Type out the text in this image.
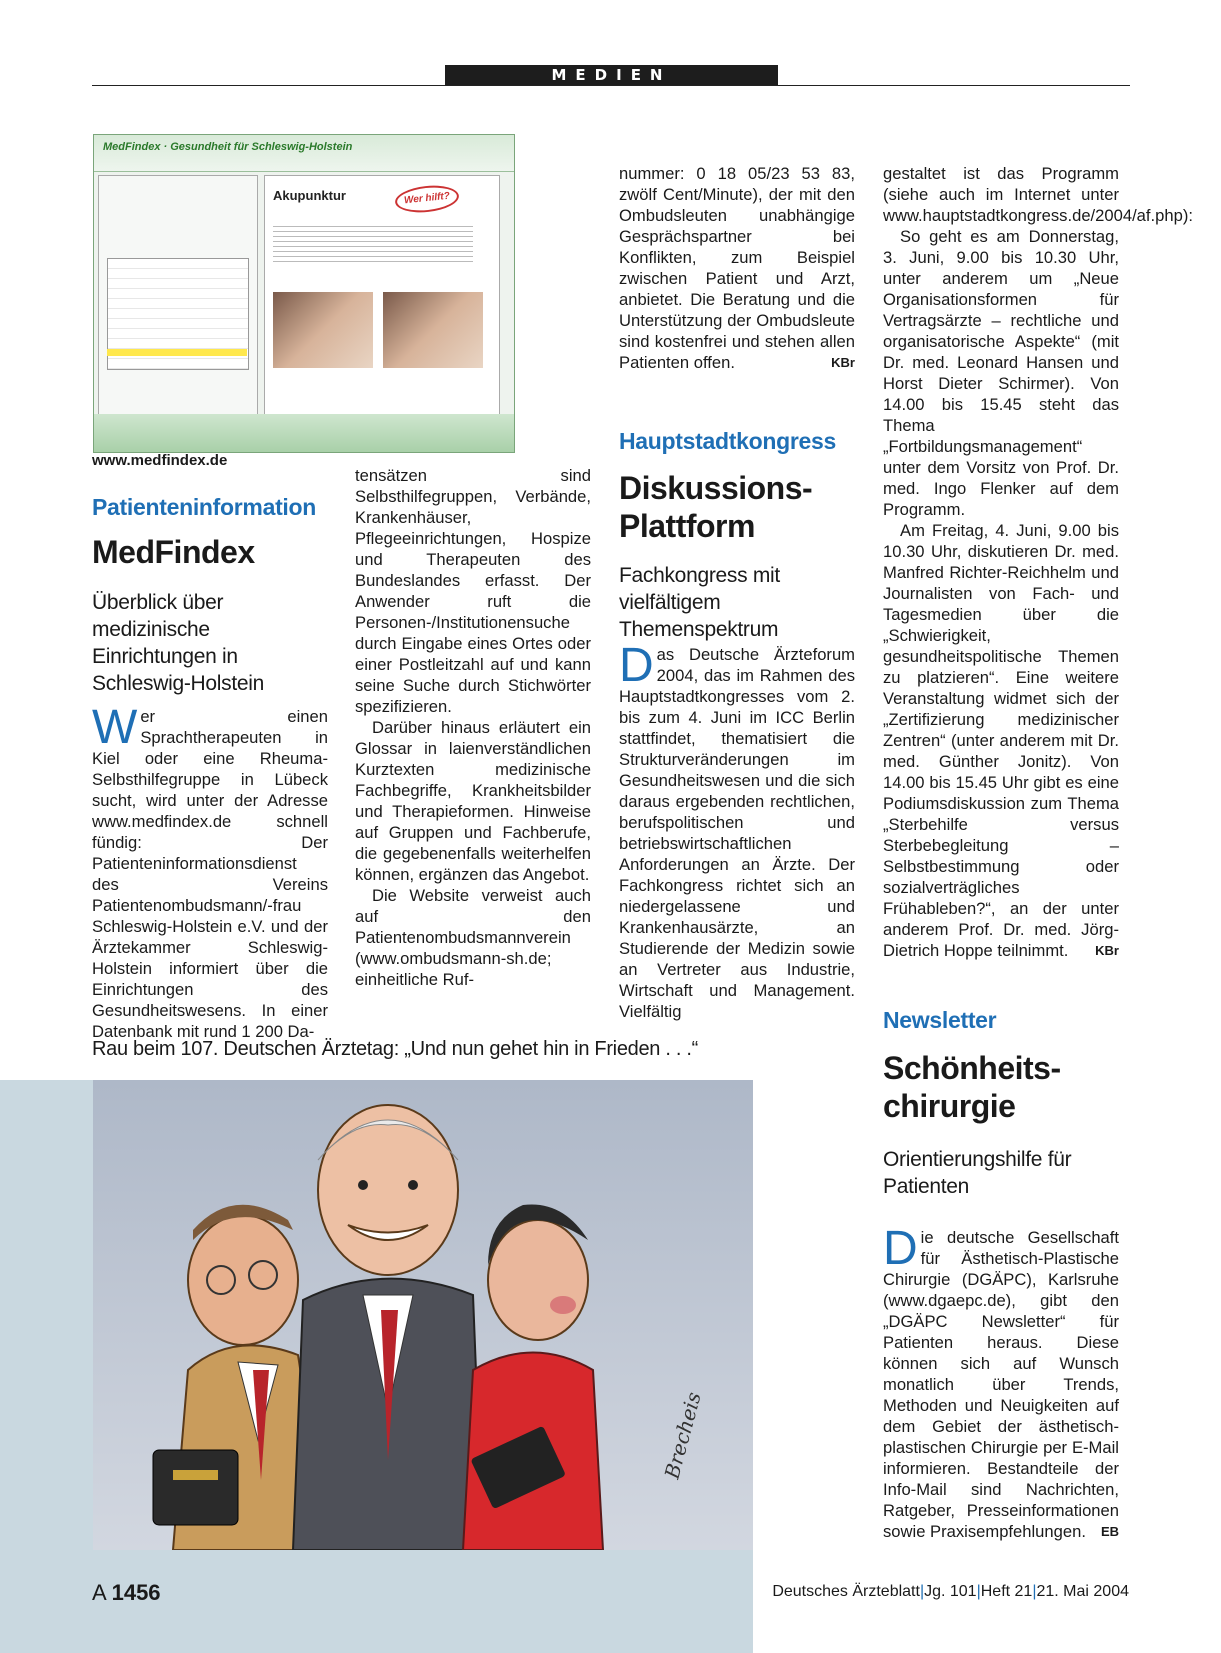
MEDIEN
MedFindex · Gesundheit für Schleswig-Holstein
Akupunktur	Wer hilft?
www.medfindex.de
Patienteninformation
MedFindex
Überblick über medizinische Einrichtungen in Schleswig-Holstein

Wer einen Sprachtherapeuten in Kiel oder eine Rheuma-Selbsthilfegruppe in Lübeck sucht, wird unter der Adresse www.medfindex.de schnell fündig: Der Patienteninformationsdienst des Vereins Patientenombudsmann/-frau Schleswig-Holstein e.V. und der Ärztekammer Schleswig-Holstein informiert über die Einrichtungen des Gesundheitswesens. In einer Datenbank mit rund 1 200 Da-

tensätzen sind Selbsthilfegruppen, Verbände, Krankenhäuser, Pflegeeinrichtungen, Hospize und Therapeuten des Bundeslandes erfasst. Der Anwender ruft die Personen-/Institutionensuche durch Eingabe eines Ortes oder einer Postleitzahl auf und kann seine Suche durch Stichwörter spezifizieren.

Darüber hinaus erläutert ein Glossar in laienverständlichen Kurztexten medizinische Fachbegriffe, Krankheitsbilder und Therapieformen. Hinweise auf Gruppen und Fachberufe, die gegebenenfalls weiterhelfen können, ergänzen das Angebot.

Die Website verweist auch auf den Patientenombudsmannverein (www.ombudsmann-sh.de; einheitliche Ruf-

nummer: 0 18 05/23 53 83, zwölf Cent/Minute), der mit den Ombudsleuten unabhängige Gesprächspartner bei Konflikten, zum Beispiel zwischen Patient und Arzt, anbietet. Die Beratung und die Unterstützung der Ombudsleute sind kostenfrei und stehen allen Patienten offen.	KBr

Hauptstadtkongress
Diskussions-
Plattform
Fachkongress mit vielfältigem Themenspektrum

Das Deutsche Ärzteforum 2004, das im Rahmen des Hauptstadtkongresses vom 2. bis zum 4. Juni im ICC Berlin stattfindet, thematisiert die Strukturveränderungen im Gesundheitswesen und die sich daraus ergebenden rechtlichen, berufspolitischen und betriebswirtschaftlichen Anforderungen an Ärzte. Der Fachkongress richtet sich an niedergelassene und Krankenhausärzte, an Studierende der Medizin sowie an Vertreter aus Industrie, Wirtschaft und Management. Vielfältig

gestaltet ist das Programm (siehe auch im Internet unter www.hauptstadtkongress.de/2004/af.php):

So geht es am Donnerstag, 3. Juni, 9.00 bis 10.30 Uhr, unter anderem um „Neue Organisationsformen für Vertragsärzte – rechtliche und organisatorische Aspekte“ (mit Dr. med. Leonard Hansen und Horst Dieter Schirmer). Von 14.00 bis 15.45 steht das Thema „Fortbildungsmanagement“ unter dem Vorsitz von Prof. Dr. med. Ingo Flenker auf dem Programm.

Am Freitag, 4. Juni, 9.00 bis 10.30 Uhr, diskutieren Dr. med. Manfred Richter-Reichhelm und Journalisten von Fach- und Tagesmedien über die „Schwierigkeit, gesundheitspolitische Themen zu platzieren“. Eine weitere Veranstaltung widmet sich der „Zertifizierung medizinischer Zentren“ (unter anderem mit Dr. med. Günther Jonitz). Von 14.00 bis 15.45 Uhr gibt es eine Podiumsdiskussion zum Thema „Sterbehilfe versus Sterbebegleitung – Selbstbestimmung oder sozialverträgliches Frühableben?“, an der unter anderem Prof. Dr. med. Jörg-Dietrich Hoppe teilnimmt.	KBr

Newsletter
Schönheits-
chirurgie
Orientierungshilfe für Patienten

Die deutsche Gesellschaft für Ästhetisch-Plastische Chirurgie (DGÄPC), Karlsruhe (www.dgaepc.de), gibt den „DGÄPC Newsletter“ für Patienten heraus. Diese können sich auf Wunsch monatlich über Trends, Methoden und Neuigkeiten auf dem Gebiet der ästhetisch-plastischen Chirurgie per E-Mail informieren. Bestandteile der Info-Mail sind Nachrichten, Ratgeber, Presseinformationen sowie Praxisempfehlungen. EB

Rau beim 107. Deutschen Ärztetag: „Und nun gehet hin in Frieden . . .“
Brecheis
A 1456	Deutsches Ärzteblatt|Jg. 101|Heft 21|21. Mai 2004
